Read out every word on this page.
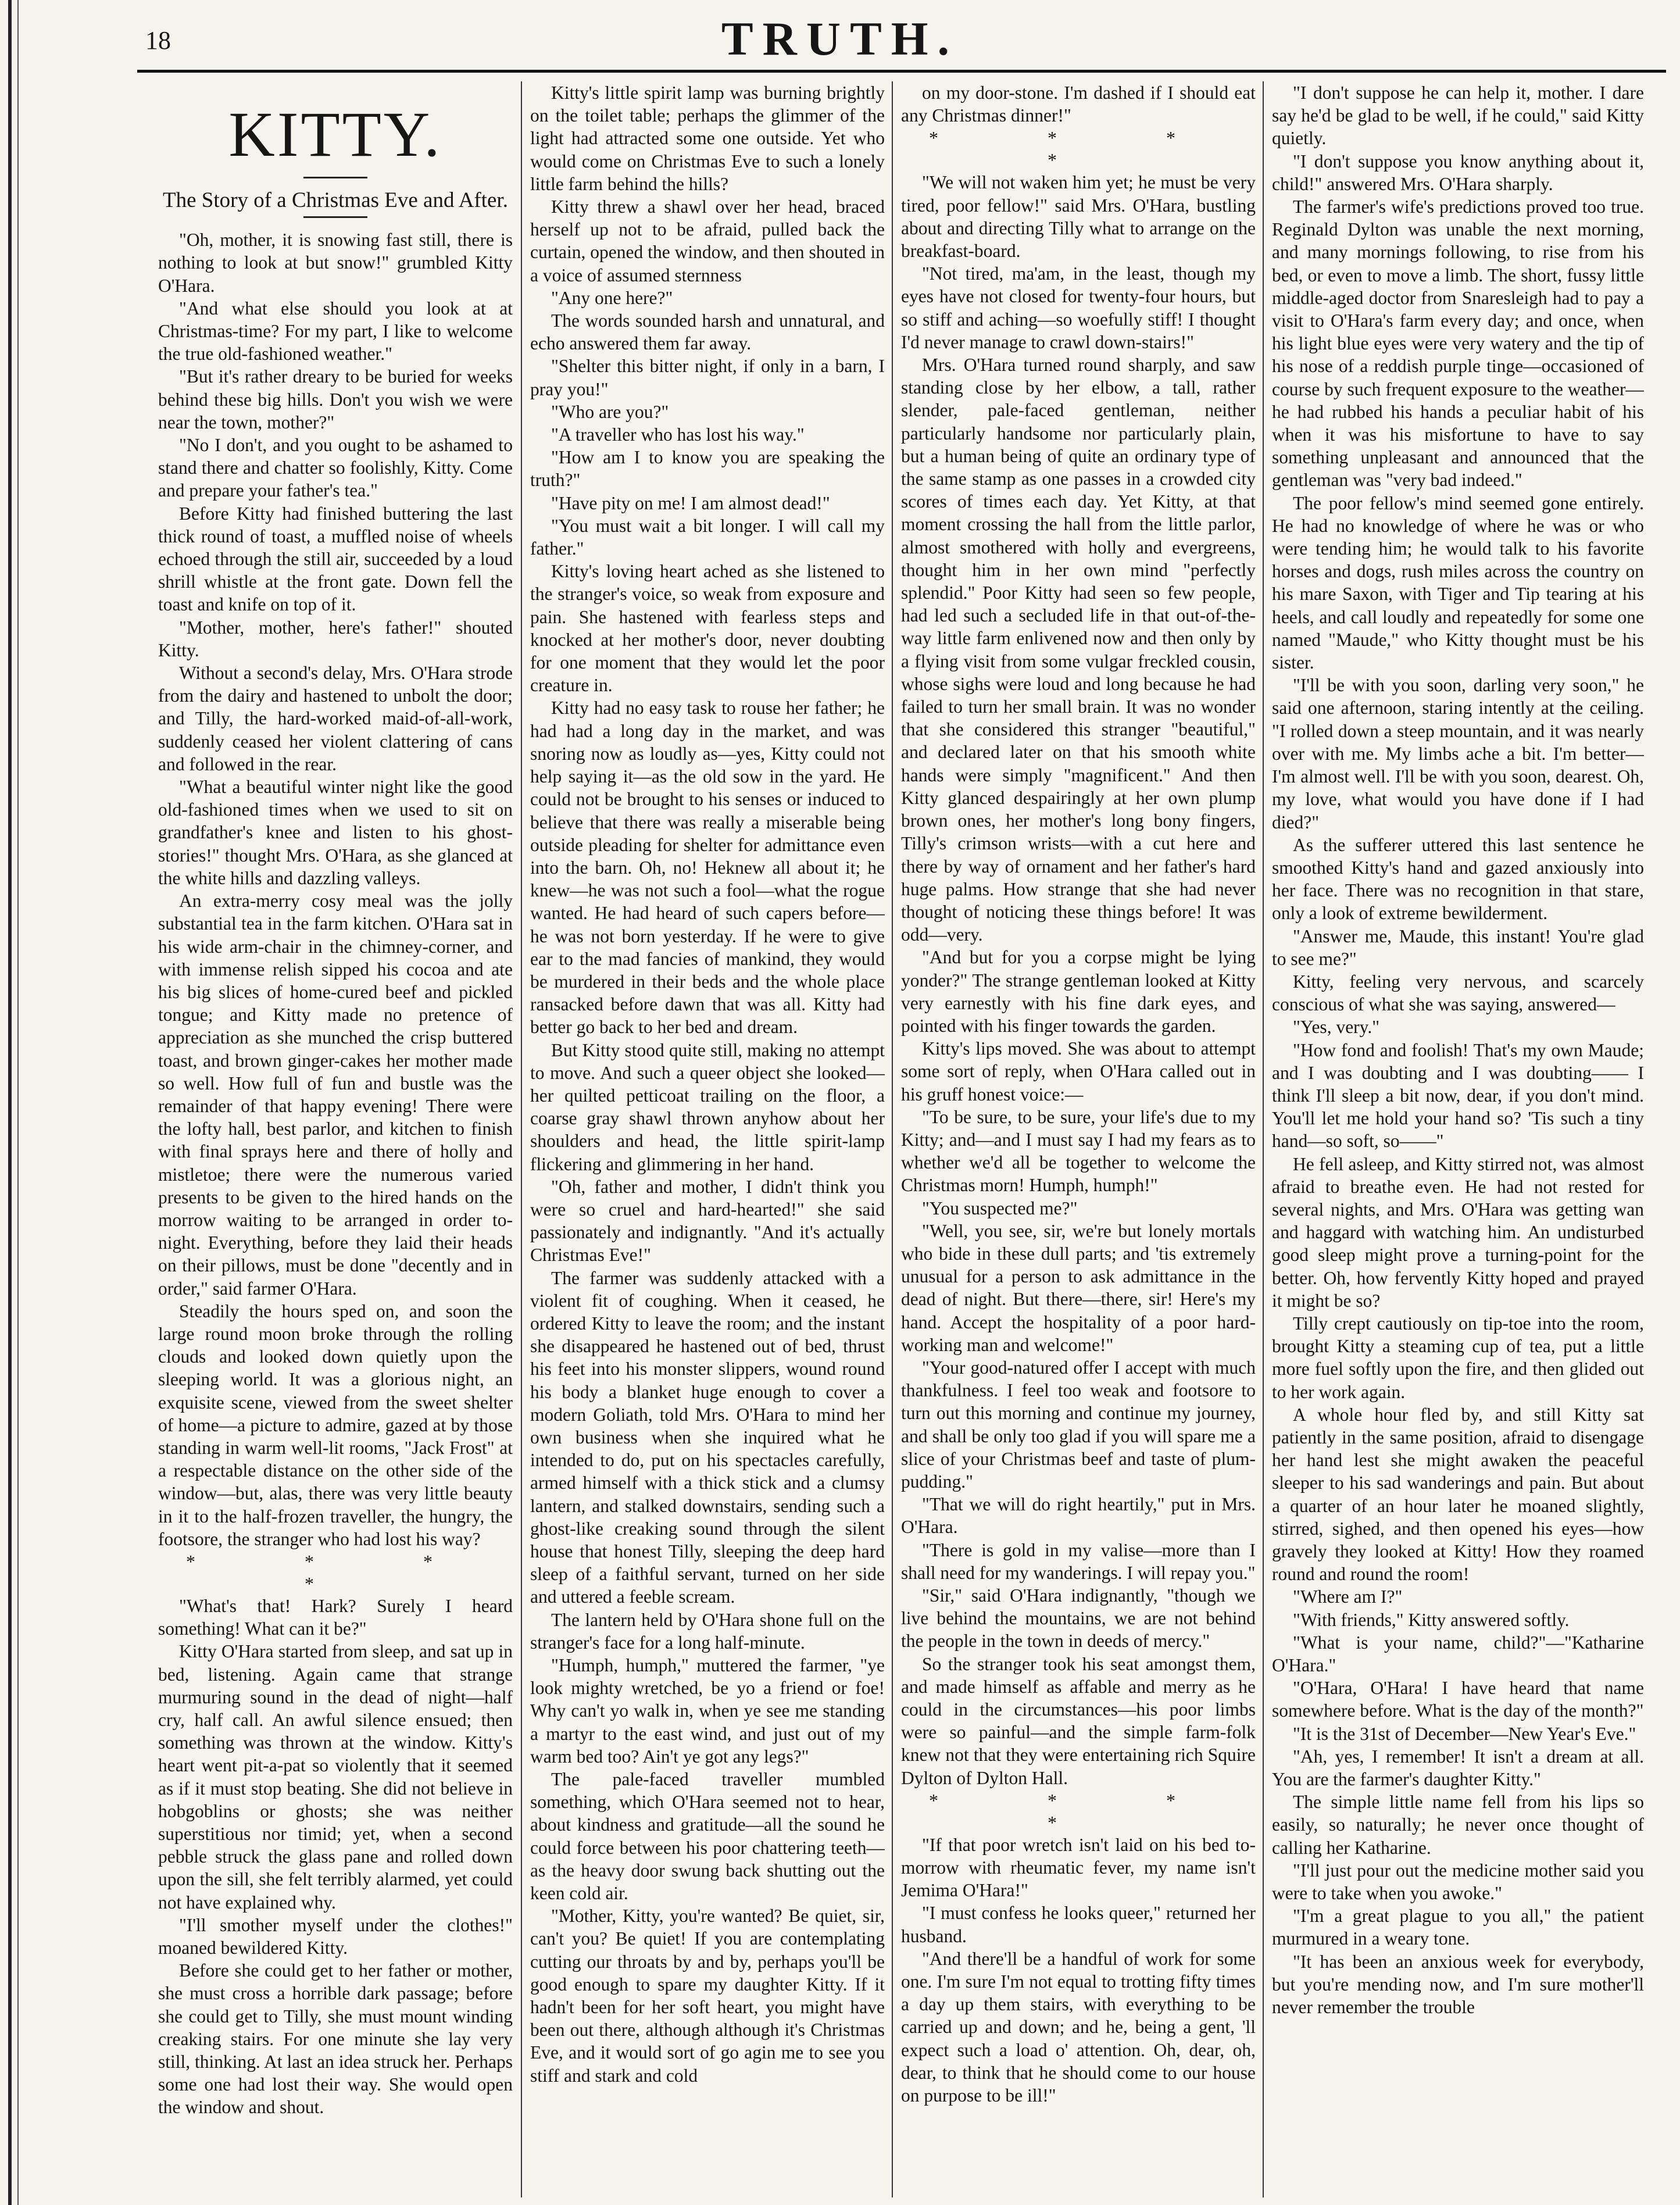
18	TRUTH.
KITTY.
The Story of a Christmas Eve and After.

"Oh, mother, it is snowing fast still, there is nothing to look at but snow!" grumbled Kitty O'Hara.

"And what else should you look at at Christmas-time? For my part, I like to welcome the true old-fashioned weather."

"But it's rather dreary to be buried for weeks behind these big hills. Don't you wish we were near the town, mother?"

"No I don't, and you ought to be ashamed to stand there and chatter so foolishly, Kitty. Come and prepare your father's tea."

Before Kitty had finished buttering the last thick round of toast, a muffled noise of wheels echoed through the still air, succeeded by a loud shrill whistle at the front gate. Down fell the toast and knife on top of it.

"Mother, mother, here's father!" shouted Kitty.

Without a second's delay, Mrs. O'Hara strode from the dairy and hastened to unbolt the door; and Tilly, the hard-worked maid-of-all-work, suddenly ceased her violent clattering of cans and followed in the rear.

"What a beautiful winter night like the good old-fashioned times when we used to sit on grandfather's knee and listen to his ghost-stories!" thought Mrs. O'Hara, as she glanced at the white hills and dazzling valleys.

An extra-merry cosy meal was the jolly substantial tea in the farm kitchen. O'Hara sat in his wide arm-chair in the chimney-corner, and with immense relish sipped his cocoa and ate his big slices of home-cured beef and pickled tongue; and Kitty made no pretence of appreciation as she munched the crisp buttered toast, and brown ginger-cakes her mother made so well. How full of fun and bustle was the remainder of that happy evening! There were the lofty hall, best parlor, and kitchen to finish with final sprays here and there of holly and mistletoe; there were the numerous varied presents to be given to the hired hands on the morrow waiting to be arranged in order to-night. Everything, before they laid their heads on their pillows, must be done "decently and in order," said farmer O'Hara.

Steadily the hours sped on, and soon the large round moon broke through the rolling clouds and looked down quietly upon the sleeping world. It was a glorious night, an exquisite scene, viewed from the sweet shelter of home—a picture to admire, gazed at by those standing in warm well-lit rooms, "Jack Frost" at a respectable distance on the other side of the window—but, alas, there was very little beauty in it to the half-frozen traveller, the hungry, the footsore, the stranger who had lost his way?

* * * *

"What's that! Hark? Surely I heard something! What can it be?"

Kitty O'Hara started from sleep, and sat up in bed, listening. Again came that strange murmuring sound in the dead of night—half cry, half call. An awful silence ensued; then something was thrown at the window. Kitty's heart went pit-a-pat so violently that it seemed as if it must stop beating. She did not believe in hobgoblins or ghosts; she was neither superstitious nor timid; yet, when a second pebble struck the glass pane and rolled down upon the sill, she felt terribly alarmed, yet could not have explained why.

"I'll smother myself under the clothes!" moaned bewildered Kitty.

Before she could get to her father or mother, she must cross a horrible dark passage; before she could get to Tilly, she must mount winding creaking stairs. For one minute she lay very still, thinking. At last an idea struck her. Perhaps some one had lost their way. She would open the window and shout.

Kitty's little spirit lamp was burning brightly on the toilet table; perhaps the glimmer of the light had attracted some one outside. Yet who would come on Christmas Eve to such a lonely little farm behind the hills?

Kitty threw a shawl over her head, braced herself up not to be afraid, pulled back the curtain, opened the window, and then shouted in a voice of assumed sternness

"Any one here?"

The words sounded harsh and unnatural, and echo answered them far away.

"Shelter this bitter night, if only in a barn, I pray you!"

"Who are you?"

"A traveller who has lost his way."

"How am I to know you are speaking the truth?"

"Have pity on me! I am almost dead!"

"You must wait a bit longer. I will call my father."

Kitty's loving heart ached as she listened to the stranger's voice, so weak from exposure and pain. She hastened with fearless steps and knocked at her mother's door, never doubting for one moment that they would let the poor creature in.

Kitty had no easy task to rouse her father; he had had a long day in the market, and was snoring now as loudly as—yes, Kitty could not help saying it—as the old sow in the yard. He could not be brought to his senses or induced to believe that there was really a miserable being outside pleading for shelter for admittance even into the barn. Oh, no! Heknew all about it; he knew—he was not such a fool—what the rogue wanted. He had heard of such capers before—he was not born yesterday. If he were to give ear to the mad fancies of mankind, they would be murdered in their beds and the whole place ransacked before dawn that was all. Kitty had better go back to her bed and dream.

But Kitty stood quite still, making no attempt to move. And such a queer object she looked—her quilted petticoat trailing on the floor, a coarse gray shawl thrown anyhow about her shoulders and head, the little spirit-lamp flickering and glimmering in her hand.

"Oh, father and mother, I didn't think you were so cruel and hard-hearted!" she said passionately and indignantly. "And it's actually Christmas Eve!"

The farmer was suddenly attacked with a violent fit of coughing. When it ceased, he ordered Kitty to leave the room; and the instant she disappeared he hastened out of bed, thrust his feet into his monster slippers, wound round his body a blanket huge enough to cover a modern Goliath, told Mrs. O'Hara to mind her own business when she inquired what he intended to do, put on his spectacles carefully, armed himself with a thick stick and a clumsy lantern, and stalked downstairs, sending such a ghost-like creaking sound through the silent house that honest Tilly, sleeping the deep hard sleep of a faithful servant, turned on her side and uttered a feeble scream.

The lantern held by O'Hara shone full on the stranger's face for a long half-minute.

"Humph, humph," muttered the farmer, "ye look mighty wretched, be yo a friend or foe! Why can't yo walk in, when ye see me standing a martyr to the east wind, and just out of my warm bed too? Ain't ye got any legs?"

The pale-faced traveller mumbled something, which O'Hara seemed not to hear, about kindness and gratitude—all the sound he could force between his poor chattering teeth—as the heavy door swung back shutting out the keen cold air.

"Mother, Kitty, you're wanted? Be quiet, sir, can't you? Be quiet! If you are contemplating cutting our throats by and by, perhaps you'll be good enough to spare my daughter Kitty. If it hadn't been for her soft heart, you might have been out there, although although it's Christmas Eve, and it would sort of go agin me to see you stiff and stark and cold

on my door-stone. I'm dashed if I should eat any Christmas dinner!"

* * * *

"We will not waken him yet; he must be very tired, poor fellow!" said Mrs. O'Hara, bustling about and directing Tilly what to arrange on the breakfast-board.

"Not tired, ma'am, in the least, though my eyes have not closed for twenty-four hours, but so stiff and aching—so woefully stiff! I thought I'd never manage to crawl down-stairs!"

Mrs. O'Hara turned round sharply, and saw standing close by her elbow, a tall, rather slender, pale-faced gentleman, neither particularly handsome nor particularly plain, but a human being of quite an ordinary type of the same stamp as one passes in a crowded city scores of times each day. Yet Kitty, at that moment crossing the hall from the little parlor, almost smothered with holly and evergreens, thought him in her own mind "perfectly splendid." Poor Kitty had seen so few people, had led such a secluded life in that out-of-the-way little farm enlivened now and then only by a flying visit from some vulgar freckled cousin, whose sighs were loud and long because he had failed to turn her small brain. It was no wonder that she considered this stranger "beautiful," and declared later on that his smooth white hands were simply "magnificent." And then Kitty glanced despairingly at her own plump brown ones, her mother's long bony fingers, Tilly's crimson wrists—with a cut here and there by way of ornament and her father's hard huge palms. How strange that she had never thought of noticing these things before! It was odd—very.

"And but for you a corpse might be lying yonder?" The strange gentleman looked at Kitty very earnestly with his fine dark eyes, and pointed with his finger towards the garden.

Kitty's lips moved. She was about to attempt some sort of reply, when O'Hara called out in his gruff honest voice:—

"To be sure, to be sure, your life's due to my Kitty; and—and I must say I had my fears as to whether we'd all be together to welcome the Christmas morn! Humph, humph!"

"You suspected me?"

"Well, you see, sir, we're but lonely mortals who bide in these dull parts; and 'tis extremely unusual for a person to ask admittance in the dead of night. But there—there, sir! Here's my hand. Accept the hospitality of a poor hard-working man and welcome!"

"Your good-natured offer I accept with much thankfulness. I feel too weak and footsore to turn out this morning and continue my journey, and shall be only too glad if you will spare me a slice of your Christmas beef and taste of plum-pudding."

"That we will do right heartily," put in Mrs. O'Hara.

"There is gold in my valise—more than I shall need for my wanderings. I will repay you."

"Sir," said O'Hara indignantly, "though we live behind the mountains, we are not behind the people in the town in deeds of mercy."

So the stranger took his seat amongst them, and made himself as affable and merry as he could in the circumstances—his poor limbs were so painful—and the simple farm-folk knew not that they were entertaining rich Squire Dylton of Dylton Hall.

* * * *

"If that poor wretch isn't laid on his bed to-morrow with rheumatic fever, my name isn't Jemima O'Hara!"

"I must confess he looks queer," returned her husband.

"And there'll be a handful of work for some one. I'm sure I'm not equal to trotting fifty times a day up them stairs, with everything to be carried up and down; and he, being a gent, 'll expect such a load o' attention. Oh, dear, oh, dear, to think that he should come to our house on purpose to be ill!"

"I don't suppose he can help it, mother. I dare say he'd be glad to be well, if he could," said Kitty quietly.

"I don't suppose you know anything about it, child!" answered Mrs. O'Hara sharply.

The farmer's wife's predictions proved too true. Reginald Dylton was unable the next morning, and many mornings following, to rise from his bed, or even to move a limb. The short, fussy little middle-aged doctor from Snaresleigh had to pay a visit to O'Hara's farm every day; and once, when his light blue eyes were very watery and the tip of his nose of a reddish purple tinge—occasioned of course by such frequent exposure to the weather—he had rubbed his hands a peculiar habit of his when it was his misfortune to have to say something unpleasant and announced that the gentleman was "very bad indeed."

The poor fellow's mind seemed gone entirely. He had no knowledge of where he was or who were tending him; he would talk to his favorite horses and dogs, rush miles across the country on his mare Saxon, with Tiger and Tip tearing at his heels, and call loudly and repeatedly for some one named "Maude," who Kitty thought must be his sister.

"I'll be with you soon, darling very soon," he said one afternoon, staring intently at the ceiling. "I rolled down a steep mountain, and it was nearly over with me. My limbs ache a bit. I'm better—I'm almost well. I'll be with you soon, dearest. Oh, my love, what would you have done if I had died?"

As the sufferer uttered this last sentence he smoothed Kitty's hand and gazed anxiously into her face. There was no recognition in that stare, only a look of extreme bewilderment.

"Answer me, Maude, this instant! You're glad to see me?"

Kitty, feeling very nervous, and scarcely conscious of what she was saying, answered—

"Yes, very."

"How fond and foolish! That's my own Maude; and I was doubting and I was doubting—— I think I'll sleep a bit now, dear, if you don't mind. You'll let me hold your hand so? 'Tis such a tiny hand—so soft, so——"

He fell asleep, and Kitty stirred not, was almost afraid to breathe even. He had not rested for several nights, and Mrs. O'Hara was getting wan and haggard with watching him. An undisturbed good sleep might prove a turning-point for the better. Oh, how fervently Kitty hoped and prayed it might be so?

Tilly crept cautiously on tip-toe into the room, brought Kitty a steaming cup of tea, put a little more fuel softly upon the fire, and then glided out to her work again.

A whole hour fled by, and still Kitty sat patiently in the same position, afraid to disengage her hand lest she might awaken the peaceful sleeper to his sad wanderings and pain. But about a quarter of an hour later he moaned slightly, stirred, sighed, and then opened his eyes—how gravely they looked at Kitty! How they roamed round and round the room!

"Where am I?"

"With friends," Kitty answered softly.

"What is your name, child?"—"Katharine O'Hara."

"O'Hara, O'Hara! I have heard that name somewhere before. What is the day of the month?"

"It is the 31st of December—New Year's Eve."

"Ah, yes, I remember! It isn't a dream at all. You are the farmer's daughter Kitty."

The simple little name fell from his lips so easily, so naturally; he never once thought of calling her Katharine.

"I'll just pour out the medicine mother said you were to take when you awoke."

"I'm a great plague to you all," the patient murmured in a weary tone.

"It has been an anxious week for everybody, but you're mending now, and I'm sure mother'll never remember the trouble
